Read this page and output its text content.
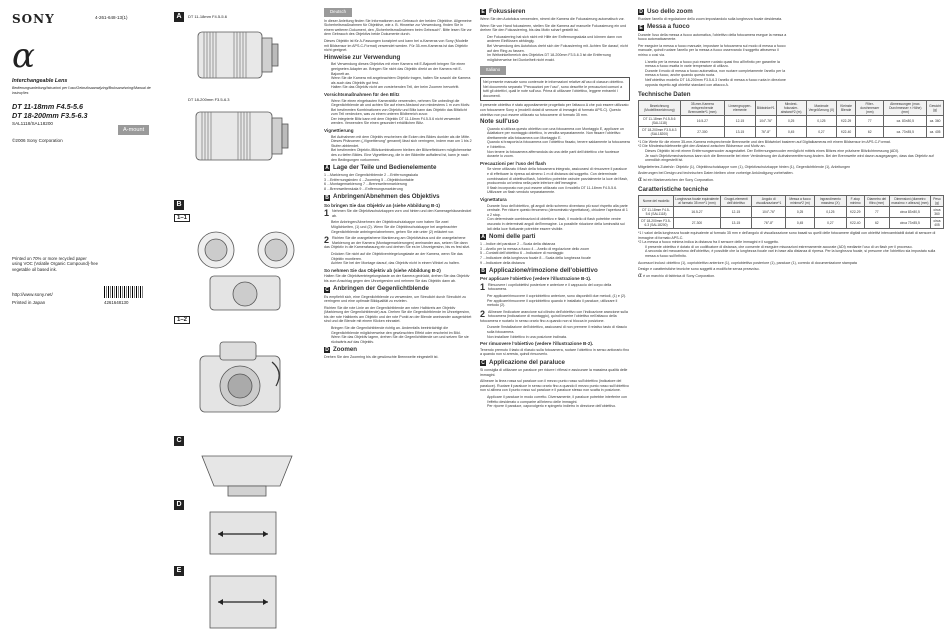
SONY	4-261-648-13(1)
α
Interchangeable Lens
Bedienungsanleitung/Istruzioni per l'uso/Gebruiksaanwijzing/Bruksanvisning/Manual de instruções
DT 11-18mm F4.5-5.6
DT 18-200mm F3.5-6.3
SAL1118/SAL18200
A-mount
©2006 Sony Corporation
Printed on 70% or more recycled paper using VOC (Volatile Organic Compound)-free vegetable oil based ink.
http://www.sony.net/
Printed in Japan	4261648130
A	DT 11-18mm F4.5-5.6
DT 18-200mm F3.5-6.3
B
1–1
1–2
C
D
E
Deutsch
In dieser Anleitung finden Sie Informationen zum Gebrauch der beiden Objektive. Allgemeine Sicherheitsmaßnahmen für Objektive, wie z. B. Hinweise zur Verwendung, finden Sie in einem weiteren Dokument, den „Sicherheitsmaßnahmen beim Gebrauch". Bitte lesen Sie vor dem Gebrauch des Objektivs beide Dokumente durch.
Dieses Objektiv ist für A-Fassungen konzipiert und kann bei α-Kameras von Sony (Modelle mit Bildsensor im APS-C-Format) verwendet werden. Für 35-mm-Kameras ist das Objektiv nicht geeignet.
Hinweise zur Verwendung
• Bei Verwendung dieses Objektivs mit einer Kamera mit E-Bajonett bringen Sie einen geeigneten Adapter an. Bringen Sie nicht das Objektiv direkt an der Kamera mit E-Bajonett an.
• Wenn Sie die Kamera mit angebrachtem Objektiv tragen, halten Sie sowohl die Kamera als auch das Objektiv gut fest.
• Halten Sie das Objektiv nicht am vorstehenden Teil, der beim Zoomen hervortritt.
Vorsichtsmaßnahmen für den Blitz
• Wenn Sie einen eingebauten Kamerablitz verwenden, nehmen Sie unbedingt die Gegenlichtblende ab und achten Sie auf einen Abstand von mindestens 1 m zum Motiv. Bei bestimmten Kombinationen von Objektiv und Blitz kann das Objektiv das Blitzlicht zum Teil verdecken, was zu einem unteren Bildbereich zuvor.
• Der integrierte Blitz kann mit dem Objektiv DT 11-18mm F4.5-5.6 nicht verwendet werden. Verwenden Sie einen gesondert erhältlichen Blitz.
Vignettierung
• Bei Aufnahmen mit dem Objektiv erscheinen die Ecken des Bildes dunkler als die Mitte. Dieses Phänomen („Vignettierung" genannt) lässt sich verringern, indem man um 1 bis 2 Stufen abblendet.
• Bei bestimmten Objektiv-/Blitzkombinationen bleiben der Blitzreflektoren möglicherweise des zu tiefen Bildes. Eine Vignettierung, die in der Bildmitte auffallend ist, kann je nach den Bedingungen vorkommen.
A Lage der Teile und Bedienelemente
1 ...Markierung der Gegenlichtblende 2 ...Entfernungsskala
3 ...Entfernungsindex 4 ...Zoomring 5 ...Objektivkontakte
6 ...Montagemarkierung 7 ...Brennweitenmarkierung
8 ...Brennweitenskala 9 ...Entfernungsmarkierung
B Anbringen/Abnehmen des Objektivs
So bringen Sie das Objektiv an (siehe Abbildung B-1)
1 Nehmen Sie die Objektivschutzkappen vorn und hinten und den Kameragehäusedeckel ab.
• Beim Anbringen/Abnehmen der Objektivschutzkappe vorn haben Sie zwei Möglichkeiten, (1) und (2). Wenn Sie die Objektivschutzkappe bei angebrachter Gegenlichtblende anbringen/abnehmen, gehen Sie wie unter (2) erläutert vor.
2 Richten Sie die orangefarbene Markierung am Objektivtubus und die orangefarbene Markierung an der Kamera (Montagemarkierungen) aneinander aus, setzen Sie dann das Objektiv in die Kamerafassung ein und drehen Sie es im Uhrzeigersinn, bis es fest sitzt.
• Drücken Sie nicht auf die Objektiventriegelungstaste an der Kamera, wenn Sie das Objektiv montieren.
• Achten Sie bei der Montage darauf, das Objektiv nicht in einem Winkel zu halten.
So nehmen Sie das Objektiv ab (siehe Abbildung B-2)
Halten Sie die Objektiventriegelungstaste an der Kamera gedrückt, drehen Sie das Objektiv bis zum Anschlag gegen den Uhrzeigersinn und nehmen Sie das Objektiv dann ab.
C Anbringen der Gegenlichtblende
Es empfiehlt sich, eine Gegenlichtblende zu verwenden, um Streulicht durch Streulicht zu verringern und eine optimale Bildqualität zu erzielen.
Richten Sie die rote Linie an der Gegenlichtblende am roten Halbkreis am Objektiv (Markierung der Gegenlichtblende) aus. Drehen Sie die Gegenlichtblende im Uhrzeigersinn, bis der rote Halbkreis am Objektiv und der rote Punkt an der Blende aneinander ausgerichtet sind und die Blende mit einem Klicken einrastet.
• Bringen Sie die Gegenlichtblende richtig an. Andernfalls beeinträchtigt die Gegenlichtblende möglicherweise den gewünschten Effekt oder erscheint im Bild.
• Wenn Sie das Objektiv lagern, drehen Sie die Gegenlichtblende um und setzen Sie sie rückwärts auf das Objektiv.
D Zoomen
Drehen Sie den Zoomring bis die gewünschte Brennweite eingestellt ist.
E Fokussieren
Wenn Sie den Autofokus verwenden, nimmt die Kamera die Fokussierung automatisch vor.
Wenn Sie von Hand fokussieren, stellen Sie die Kamera auf manuelle Fokussierung ein und drehen Sie den Fokussierring, bis das Motiv scharf gestellt ist.
• Der Fokussierring hat sich nicht mit Hilfe der Entfernungsskala und können dann von anderen Einflüssen abhängig.
• Bei Verwendung des Autofokus dreht sich der Fokussierring mit. Achten Sie darauf, nicht auf den Ring zu fassen.
• Im Weitwinkelbereich des Objektivs DT 18-200mm F3.5-6.3 ist die Entfernung möglicherweise bei Dunkelheit nicht exakt.
Italiano
Nel presente manuale sono contenute le informazioni relative all'uso di ciascun obiettivo. Nel documento separato "Precauzioni per l'uso", sono descritte le precauzioni comuni a tutti gli obiettivi, quali le note sull'uso. Prima di utilizzare l'obiettivo, leggere entrambi i documenti.
Il presente obiettivo è stato appositamente progettato per l'attacco A che può essere utilizzato con fotocamere Sony α (modelli dotati di sensore di immagini di formato APS-C). Questo obiettivo non può essere utilizzato su fotocamere di formato 35 mm.
Note sull'uso
• Quando si utilizza questo obiettivo con una fotocamera con Montaggio E, applicare un Adattatore per montaggio obiettivo, in vendita separatamente. Non fissare l'obiettivo direttamente alla fotocamera con Montaggio E.
• Quando si trasporta la fotocamera con l'obiettivo fissato, tenere saldamente la fotocamera e l'obiettivo.
• Non tenere la fotocamera afferrandola da una delle parti dell'obiettivo che fuoriesce durante lo zoom.
Precauzioni per l'uso del flash
• Se viene utilizzato il flash della fotocamera integrato, assicurarsi di rimuovere il paraluce e di effettuare la ripresa ad almeno 1 m di distanza dal soggetto. Con determinate combinazioni di obiettivo/flash, l'obiettivo potrebbe ostruire parzialmente la luce del flash, producendo un'ombra nella parte inferiore dell'immagine.
• Il flash incorporato non può essere utilizzato con il modello DT 11-18mm F4.5-5.6. Utilizzare un flash venduto separatamente.
Vignettatura
• Durante l'uso dell'obiettivo, gli angoli dello schermo diventano più scuri rispetto alla parte centrale. Per ridurre questo fenomeno (denominato vignettatura), chiudere l'apertura di 1 o 2 stop.
• Con determinate combinazioni di obiettivo e flash, il modello di flash potrebbe venire oscurato in determinati angoli dell'immagine. La possibile riduzione della luminosità sui lati della luce fluttuante potrebbe essere visibile.
A Nomi delle parti
1 ...Indice del paraluce 2 ...Scala della distanza
3 ...Anello per la messa a fuoco 4 ...Anello di regolazione dello zoom
5 ...Contatti dell'obiettivo 6 ...Indicatore di montaggio
7 ...Indicatore della lunghezza focale 8 ...Scala della lunghezza focale
9 ...Indicatore della distanza
B Applicazione/rimozione dell'obiettivo
Per applicare l'obiettivo (vedere l'illustrazione B-1).
1 Rimuovere i coprilobiettivi posteriore e anteriore e il cappuccio del corpo della fotocamera.
• Per applicare/rimuovere il copriobiettivo anteriore, sono disponibili due metodi, (1) e (2). Per applicare/rimuovere il copriobiettivo quando è installato il paraluce, utilizzare il metodo (2).
2 Allineare l'indicatore arancione sul cilindro dell'obiettivo con l'indicazione arancione sulla fotocamera (indicazione di montaggio), quindi inserire l'obiettivo nell'attacco della fotocamera e ruotarlo in senso orario fino a quando non si blocca in posizione.
• Durante l'installazione dell'obiettivo, assicurarsi di non premere il relativo tasto di rilascio sulla fotocamera.
• Non installare l'obiettivo in una posizione inclinata.
Per rimuovere l'obiettivo (vedere l'illustrazione B-2).
Tenendo premuto il tasto di rilascio sulla fotocamera, ruotare l'obiettivo in senso antiorario fino a quando non si arresta, quindi rimuoverlo.
C Applicazione del paraluce
Si consiglia di utilizzare un paraluce per ridurre i riflessi e assicurare la massima qualità delle immagini.
Allineare la linea rossa sul paraluce con il mezzo punto rosso sull'obiettivo (indicatore del paraluce). Ruotare il paraluce in senso orario fino a quando il mezzo punto rosso sull'obiettivo non si allinea con il punto rosso sul paraluce e il paraluce stesso non scatta in posizione.
• Applicare il paraluce in modo corretto. Diversamente, il paraluce potrebbe interferire con l'effetto desiderato o comparire all'interno delle immagini.
• Per riporre il paraluce, capovolgerlo e spingerlo indietro in direzione dell'obiettivo.
D Uso dello zoom
Ruotare l'anello di regolazione dello zoom impostandolo sulla lunghezza focale desiderata.
E Messa a fuoco
Durante l'uso della messa a fuoco automatica, l'obiettivo della fotocamera esegue la messa a fuoco automaticamente.
Per eseguire la messa a fuoco manuale, impostare la fotocamera sul modo di messa a fuoco manuale, quindi ruotare l'anello per la messa a fuoco osservando il soggetto attraverso il mirino o così via.
• L'anello per la messa a fuoco può essere ruotato quasi fino all'infinito per garantire la messa a fuoco esatta in varie temperature di utilizzo.
• Durante il modo di messa a fuoco automatica, non ruotare completamente l'anello per la messa a fuoco, anche quando questo ruota.
• Nell'obiettivo modello DT 18-200mm F3.5-6.3 l'anello di messa a fuoco ruota in direzione opposta rispetto agli obiettivi standard con attacco A.
Technische Daten
Bezeichnung (Modellbezeichnung)	35-mm-Kamera entsprechende Brennweite*1 (mm)	Linsengruppen-elemente	Bildwinkel*1	Mindest-fokussier-abstand*2 (m)	Maximale Vergrößerung (X)	Kleinste Blende	Filter-durchmesser (mm)	Abmessungen (max. Durchmesser × Höhe) (mm)	Gewicht (g)
DT 11-18mm F4.5-5.6 (SAL1118)	16.5-27	12-15	104°-76°	0,25	0,125	f/22-29	77	ca. 83×80,5	ca. 360
DT 18-200mm F3.5-6.3 (SAL18200)	27-300	13-15	76°-8°	0,45	0,27	f/22-40	62	ca. 73×85,5	ca. 405
*1 Die Werte für die einem 35-mm-Kamera entsprechende Brennweite und den Bildwinkel basieren auf Digitalkameras mit einem Bildsensor im APS-C-Format.
*2 Die Mindestschärfeweite gibt den Abstand zwischen Bildsensor und Motiv an.
• Dieses Objektiv ist mit einem Entfernungsencoder ausgestattet. Der Entfernungsencoder ermöglicht mittels eines Blitzes eine präzisere Blitzlichtmessung (ADI).
• Je nach Objektivmechanismus kann sich die Brennweite bei einer Veränderung der Aufnahmeentfernung ändern. Bei der Brennweite wird davon ausgegangen, dass das Objektiv auf unendlich eingestellt ist.
Mitgeliefertes Zubehör: Objektiv (1), Objektivschutzkappe vorn (1), Objektivschutzkappe hinten (1), Gegenlichtblende (1), Anleitungen
Änderungen bei Design und technischen Daten bleiben ohne vorherige Ankündigung vorbehalten.
α ist ein Markenzeichen der Sony Corporation.
Caratteristiche tecniche
Nome del modello	Lunghezza focale equivalente al formato 35 mm*1 (mm)	Gruppi-elementi dell'obiettivo	Angolo di visualizzazione*1	Messa a fuoco minima*2 (m)	Ingrandimento massimo (X)	F-stop minimo	Diametro del filtro (mm)	Dimensioni (diametro massimo × altezza) (mm)	Peso (g)
DT 11-18mm F4.5-5.6 (SAL1118)	16.5-27	12-15	104°-76°	0,25	0,125	f/22-29	77	circa 83×80,5	circa 360
DT 18-200mm F3.5-6.3 (SAL18200)	27-300	13-15	76°-8°	0,45	0,27	f/22-40	62	circa 73×85,5	circa 405
*1 I valori della lunghezza focale equivalente al formato 35 mm e dell'angolo di visualizzazione sono basati su quelli delle fotocamere digitali con obiettivi intercambiabili dotati di sensore di immagine di formato APS-C.
*2 La messa a fuoco minima indica la distanza fra il sensore delle immagini e il soggetto.
• Il presente obiettivo è dotato di un codificatore di distanza, che consente di eseguire misurazioni estremamente accurate (ADI) mediante l'uso di un flash per il processo.
• A seconda del meccanismo dell'obiettivo, è possibile che la lunghezza focale vari in base alla distanza di ripresa. Per la lunghezza focale, si presume che l'obiettivo sia impostato sulla messa a fuoco sull'infinito.
Accessori inclusi: obiettivo (1), copriobiettivo anteriore (1), copriobiettivo posteriore (1), paraluce (1), corredo di documentazione stampata
Design e caratteristiche tecniche sono soggetti a modifiche senza preavviso.
α è un marchio di fabbrica di Sony Corporation.
